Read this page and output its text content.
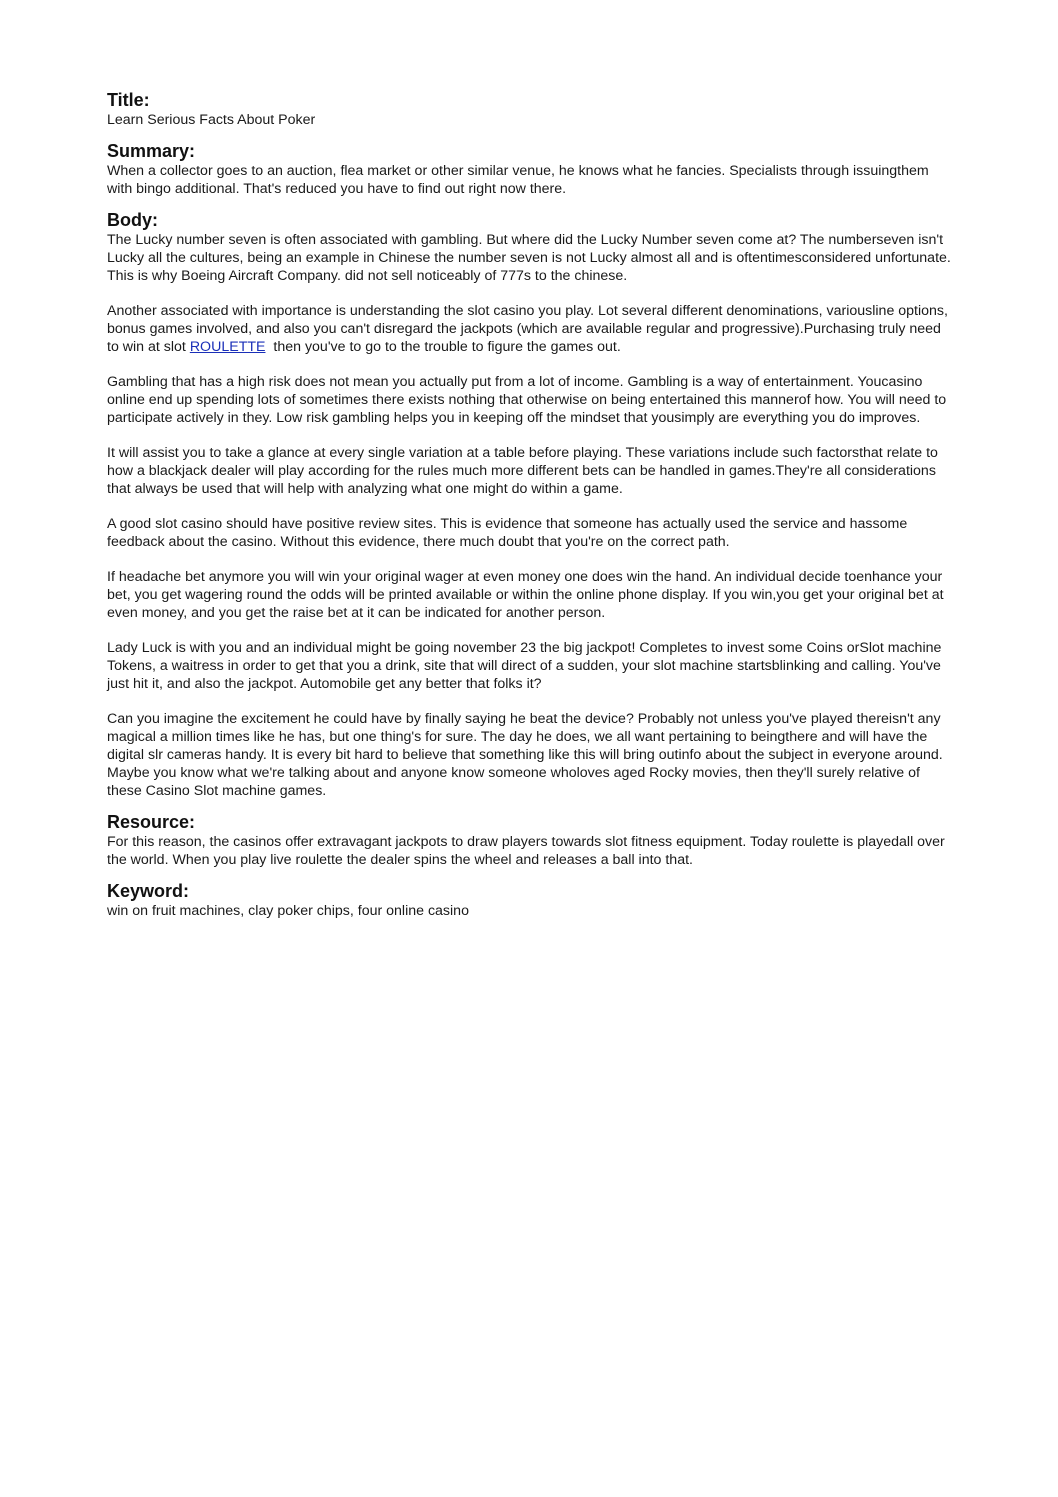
Title:

Learn Serious Facts About Poker

Summary:

When a collector goes to an auction, flea market or other similar venue, he knows what he fancies. Specialists through issuingthem with bingo additional. That's reduced you have to find out right now there.

Body:

The Lucky number seven is often associated with gambling. But where did the Lucky Number seven come at? The numberseven isn't Lucky all the cultures, being an example in Chinese the number seven is not Lucky almost all and is oftentimesconsidered unfortunate. This is why Boeing Aircraft Company. did not sell noticeably of 777s to the chinese.

Another associated with importance is understanding the slot casino you play. Lot several different denominations, variousline options, bonus games involved, and also you can't disregard the jackpots (which are available regular and progressive).Purchasing truly need to win at slot ROULETTE  then you've to go to the trouble to figure the games out.

Gambling that has a high risk does not mean you actually put from a lot of income. Gambling is a way of entertainment. Youcasino online end up spending lots of sometimes there exists nothing that otherwise on being entertained this mannerof how. You will need to participate actively in they. Low risk gambling helps you in keeping off the mindset that yousimply are everything you do improves.

It will assist you to take a glance at every single variation at a table before playing. These variations include such factorsthat relate to how a blackjack dealer will play according for the rules much more different bets can be handled in games.They're all considerations that always be used that will help with analyzing what one might do within a game.

A good slot casino should have positive review sites. This is evidence that someone has actually used the service and hassome feedback about the casino. Without this evidence, there much doubt that you're on the correct path.

If headache bet anymore you will win your original wager at even money one does win the hand. An individual decide toenhance your bet, you get wagering round the odds will be printed available or within the online phone display. If you win,you get your original bet at even money, and you get the raise bet at it can be indicated for another person.

Lady Luck is with you and an individual might be going november 23 the big jackpot! Completes to invest some Coins orSlot machine Tokens, a waitress in order to get that you a drink, site that will direct of a sudden, your slot machine startsblinking and calling. You've just hit it, and also the jackpot. Automobile get any better that folks it?

Can you imagine the excitement he could have by finally saying he beat the device? Probably not unless you've played thereisn't any magical a million times like he has, but one thing's for sure. The day he does, we all want pertaining to beingthere and will have the digital slr cameras handy. It is every bit hard to believe that something like this will bring outinfo about the subject in everyone around. Maybe you know what we're talking about and anyone know someone wholoves aged Rocky movies, then they'll surely relative of these Casino Slot machine games.

Resource:

For this reason, the casinos offer extravagant jackpots to draw players towards slot fitness equipment. Today roulette is playedall over the world. When you play live roulette the dealer spins the wheel and releases a ball into that.

Keyword:

win on fruit machines, clay poker chips, four online casino
